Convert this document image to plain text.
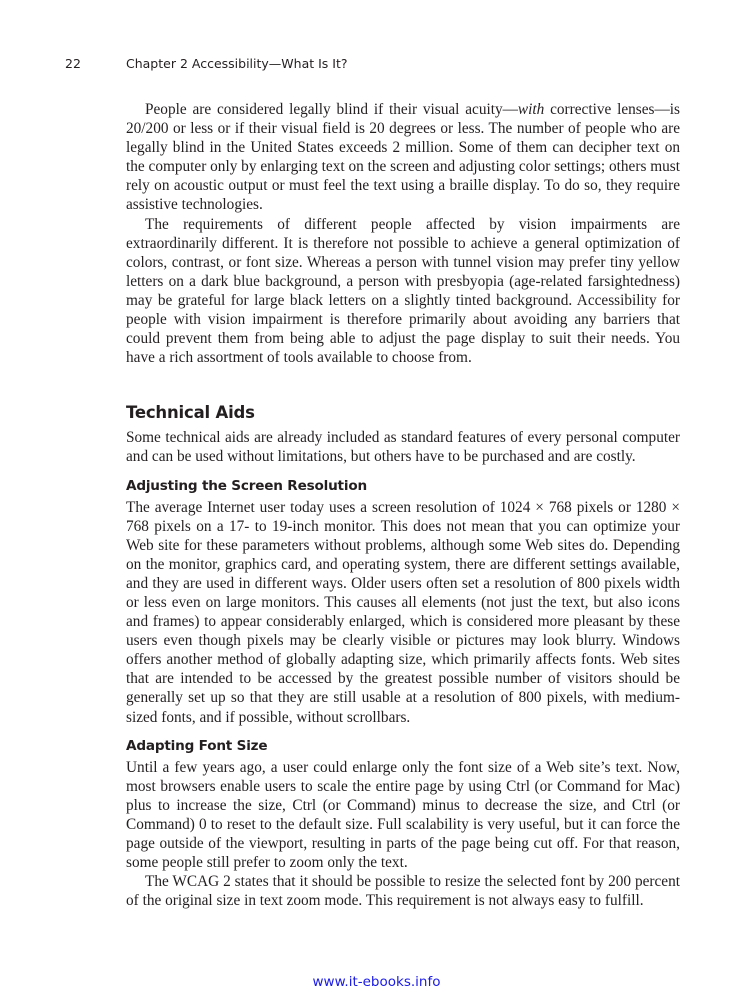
22	Chapter 2 Accessibility—What Is It?

People are considered legally blind if their visual acuity—with corrective lenses—is 20/200 or less or if their visual field is 20 degrees or less. The number of people who are legally blind in the United States exceeds 2 million. Some of them can decipher text on the computer only by enlarging text on the screen and adjusting color settings; others must rely on acoustic output or must feel the text using a braille display. To do so, they require assistive technologies.

The requirements of different people affected by vision impairments are extraordinarily different. It is therefore not possible to achieve a general optimization of colors, contrast, or font size. Whereas a person with tunnel vision may prefer tiny yellow letters on a dark blue background, a person with presbyopia (age-related farsightedness) may be grateful for large black letters on a slightly tinted background. Accessibility for people with vision impairment is therefore primarily about avoiding any barriers that could prevent them from being able to adjust the page display to suit their needs. You have a rich assortment of tools available to choose from.

Technical Aids

Some technical aids are already included as standard features of every personal computer and can be used without limitations, but others have to be purchased and are costly.

Adjusting the Screen Resolution

The average Internet user today uses a screen resolution of 1024 × 768 pixels or 1280 × 768 pixels on a 17- to 19-inch monitor. This does not mean that you can optimize your Web site for these parameters without problems, although some Web sites do. Depending on the monitor, graphics card, and operating system, there are different settings available, and they are used in different ways. Older users often set a resolution of 800 pixels width or less even on large monitors. This causes all elements (not just the text, but also icons and frames) to appear considerably enlarged, which is considered more pleasant by these users even though pixels may be clearly visible or pictures may look blurry. Windows offers another method of globally adapting size, which primarily affects fonts. Web sites that are intended to be accessed by the greatest possible number of visitors should be generally set up so that they are still usable at a resolution of 800 pixels, with medium-sized fonts, and if possible, without scrollbars.

Adapting Font Size

Until a few years ago, a user could enlarge only the font size of a Web site’s text. Now, most browsers enable users to scale the entire page by using Ctrl (or Command for Mac) plus to increase the size, Ctrl (or Command) minus to decrease the size, and Ctrl (or Command) 0 to reset to the default size. Full scalability is very useful, but it can force the page outside of the viewport, resulting in parts of the page being cut off. For that reason, some people still prefer to zoom only the text.

The WCAG 2 states that it should be possible to resize the selected font by 200 percent of the original size in text zoom mode. This requirement is not always easy to fulfill.

www.it-ebooks.info
